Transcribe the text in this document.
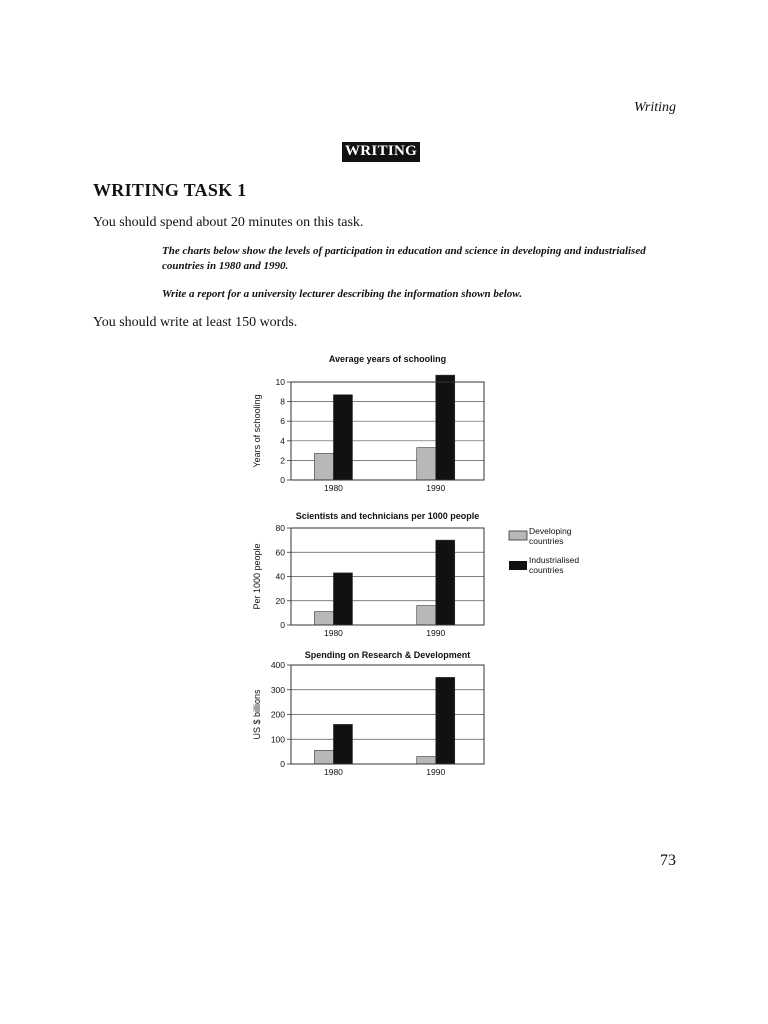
Writing
WRITING
WRITING TASK 1
You should spend about 20 minutes on this task.
The charts below show the levels of participation in education and science in developing and industrialised countries in 1980 and 1990.
Write a report for a university lecturer describing the information shown below.
You should write at least 150 words.
0
2
4
6
8
10
1980	1990
Average years of schooling
Years of schooling
0
20
40
60
80
1980	1990
Scientists and technicians per 1000 people
Per 1000 people
0
100
200
300
400
1980	1990
Spending on Research & Development
US $ billions
Developing
countries
Industrialised
countries
73
